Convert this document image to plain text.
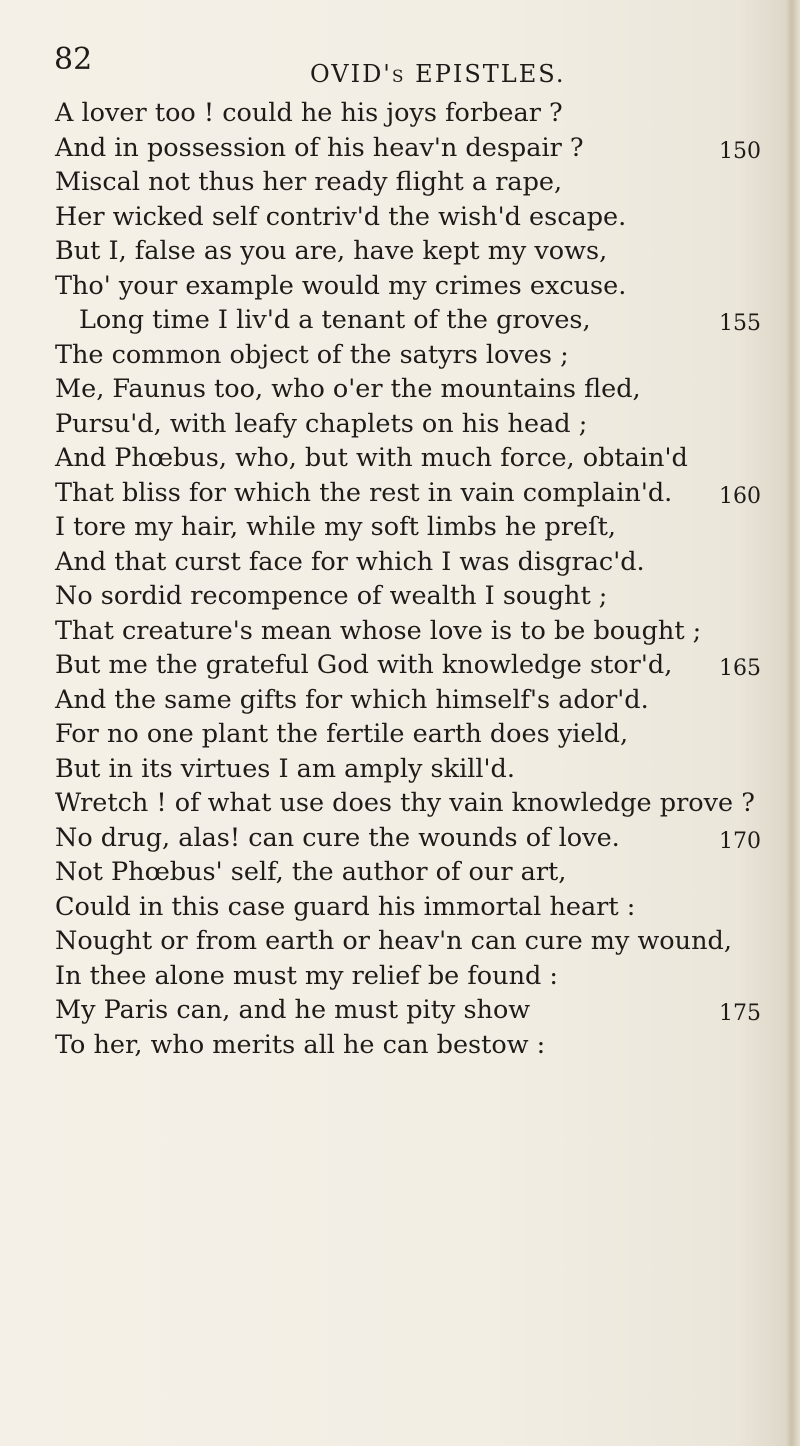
82	OVID's EPISTLES.
A lover too ! could he his joys forbear ?
And in possession of his heav'n despair ?	150
Miscal not thus her ready flight a rape,
Her wicked self contriv'd the wish'd escape.
But I, false as you are, have kept my vows,
Tho' your example would my crimes excuse.
Long time I liv'd a tenant of the groves,	155
The common object of the satyrs loves ;
Me, Faunus too, who o'er the mountains fled,
Pursu'd, with leafy chaplets on his head ;
And Phœbus, who, but with much force, obtain'd
That bliss for which the rest in vain complain'd. 160
I tore my hair, while my soft limbs he preſt,
And that curst face for which I was disgrac'd.
No sordid recompence of wealth I sought ;
That creature's mean whose love is to be bought ;
But me the grateful God with knowledge stor'd, 165
And the same gifts for which himself's ador'd.
For no one plant the fertile earth does yield,
But in its virtues I am amply skill'd.
Wretch ! of what use does thy vain knowledge prove ?
No drug, alas! can cure the wounds of love.	170
Not Phœbus' self, the author of our art,
Could in this case guard his immortal heart :
Nought or from earth or heav'n can cure my wound,
In thee alone must my relief be found :
My Paris can, and he must pity show	175
To her, who merits all he can bestow :
